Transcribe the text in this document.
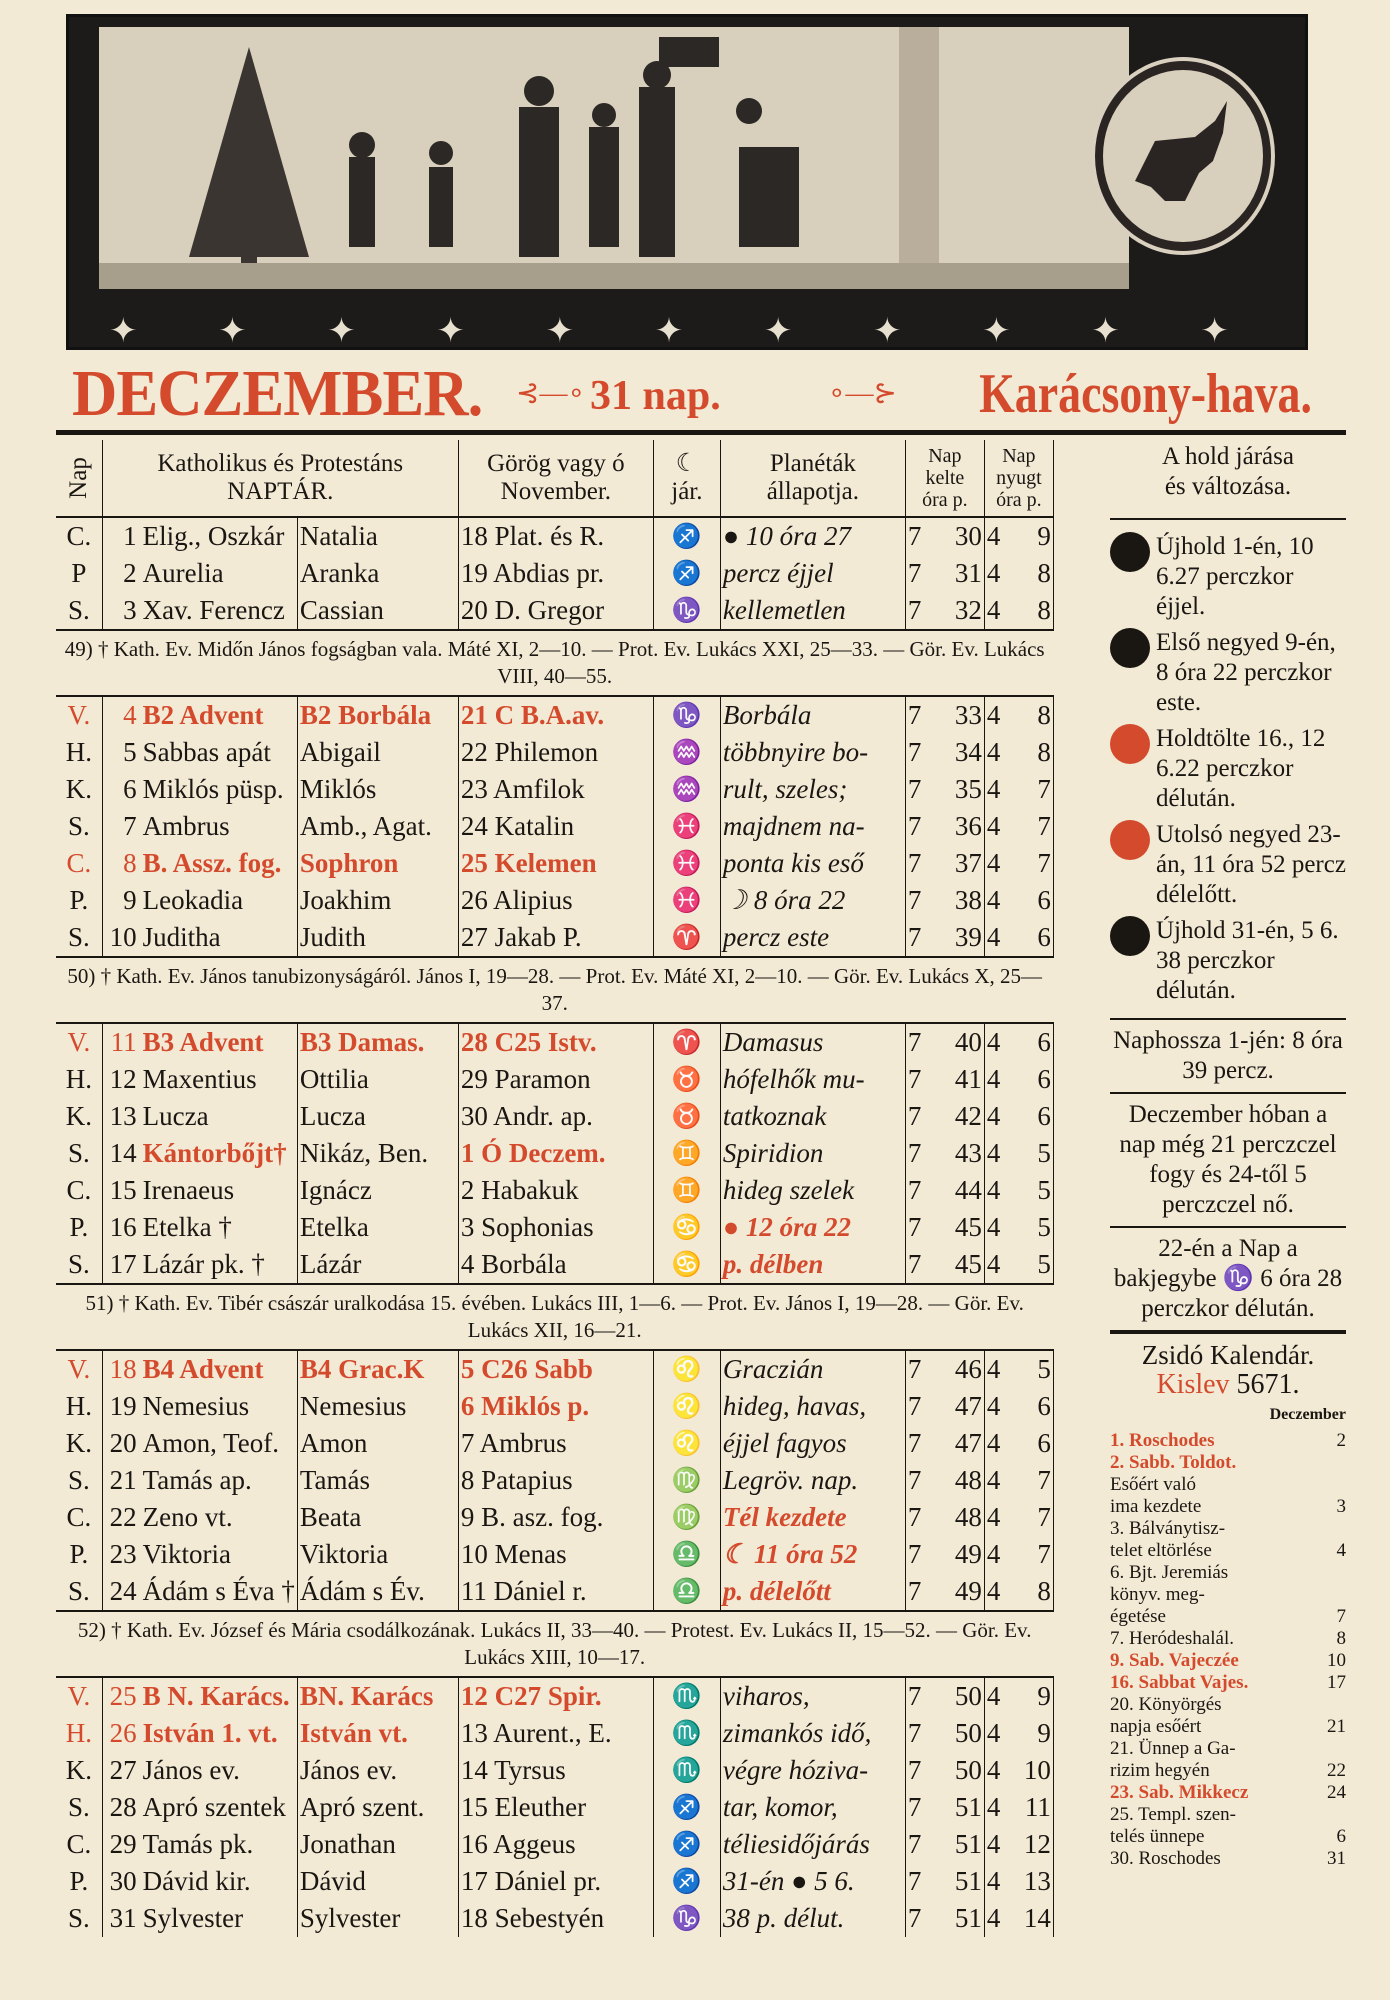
✦ ✦ ✦ ✦ ✦ ✦ ✦ ✦ ✦ ✦ ✦
DECZEMBER. ⊰—∘ 31 nap.	∘—⊱ Karácsony-hava.
Nap	Katholikus és Protestáns
NAPTÁR.		Görög vagy ó
November.	☾
jár.	Planéták
állapotja.	Nap
kelte
óra p.		Nap
nyugt
óra p.	
C.	1 Elig., Oszkár	Natalia	18 Plat. és R.	♐	● 10 óra 27	7	30	4	9
P	2 Aurelia	Aranka	19 Abdias pr.	♐	percz éjjel	7	31	4	8
S.	3 Xav. Ferencz	Cassian	20 D. Gregor	♑	kellemetlen	7	32	4	8
49) † Kath. Ev. Midőn János fogságban vala. Máté XI, 2—10. — Prot. Ev. Lukács XXI, 25—33. — Gör. Ev. Lukács VIII, 40—55.									
V.	4 B2 Advent	B2 Borbála	21 C B.A.av.	♑	Borbála	7	33	4	8
H.	5 Sabbas apát	Abigail	22 Philemon	♒	többnyire bo-	7	34	4	8
K.	6 Miklós püsp.	Miklós	23 Amfilok	♒	rult, szeles;	7	35	4	7
S.	7 Ambrus	Amb., Agat.	24 Katalin	♓	majdnem na-	7	36	4	7
C.	8 B. Assz. fog.	Sophron	25 Kelemen	♓	ponta kis eső	7	37	4	7
P.	9 Leokadia	Joakhim	26 Alipius	♓	☽ 8 óra 22	7	38	4	6
S.	10 Juditha	Judith	27 Jakab P.	♈	percz este	7	39	4	6
50) † Kath. Ev. János tanubizonyságáról. János I, 19—28. — Prot. Ev. Máté XI, 2—10. — Gör. Ev. Lukács X, 25—37.									
V.	11 B3 Advent	B3 Damas.	28 C25 Istv.	♈	Damasus	7	40	4	6
H.	12 Maxentius	Ottilia	29 Paramon	♉	hófelhők mu-	7	41	4	6
K.	13 Lucza	Lucza	30 Andr. ap.	♉	tatkoznak	7	42	4	6
S.	14 Kántorbőjt†	Nikáz, Ben.	1 Ó Deczem.	♊	Spiridion	7	43	4	5
C.	15 Irenaeus	Ignácz	2 Habakuk	♊	hideg szelek	7	44	4	5
P.	16 Etelka †	Etelka	3 Sophonias	♋	● 12 óra 22	7	45	4	5
S.	17 Lázár pk. †	Lázár	4 Borbála	♋	p. délben	7	45	4	5
51) † Kath. Ev. Tibér császár uralkodása 15. évében. Lukács III, 1—6. — Prot. Ev. János I, 19—28. — Gör. Ev. Lukács XII, 16—21.									
V.	18 B4 Advent	B4 Grac.K	5 C26 Sabb	♌	Graczián	7	46	4	5
H.	19 Nemesius	Nemesius	6 Miklós p.	♌	hideg, havas,	7	47	4	6
K.	20 Amon, Teof.	Amon	7 Ambrus	♌	éjjel fagyos	7	47	4	6
S.	21 Tamás ap.	Tamás	8 Patapius	♍	Legröv. nap.	7	48	4	7
C.	22 Zeno vt.	Beata	9 B. asz. fog.	♍	Tél kezdete	7	48	4	7
P.	23 Viktoria	Viktoria	10 Menas	♎	☾ 11 óra 52	7	49	4	7
S.	24 Ádám s Éva †	Ádám s Év.	11 Dániel r.	♎	p. délelőtt	7	49	4	8
52) † Kath. Ev. József és Mária csodálkozának. Lukács II, 33—40. — Protest. Ev. Lukács II, 15—52. — Gör. Ev. Lukács XIII, 10—17.									
V.	25 B N. Karács.	BN. Karács	12 C27 Spir.	♏	viharos,	7	50	4	9
H.	26 István 1. vt.	István vt.	13 Aurent., E.	♏	zimankós idő,	7	50	4	9
K.	27 János ev.	János ev.	14 Tyrsus	♏	végre hóziva-	7	50	4	10
S.	28 Apró szentek	Apró szent.	15 Eleuther	♐	tar, komor,	7	51	4	11
C.	29 Tamás pk.	Jonathan	16 Aggeus	♐	téliesidőjárás	7	51	4	12
P.	30 Dávid kir.	Dávid	17 Dániel pr.	♐	31-én ● 5 6.	7	51	4	13
S.	31 Sylvester	Sylvester	18 Sebestyén	♑	38 p. délut.	7	51	4	14
A hold járása
és változása.
Újhold 1-én, 10 6.27 perczkor éjjel.
Első negyed 9-én, 8 óra 22 perczkor este.
Holdtölte 16., 12 6.22 perczkor délután.
Utolsó negyed 23-án, 11 óra 52 percz délelőtt.
Újhold 31-én, 5 6. 38 perczkor délután.
Naphossza 1-jén: 8 óra 39 percz.
Deczember hóban a nap még 21 perczczel fogy és 24-től 5 perczczel nő.
22-én a Nap a bakjegybe ♑ 6 óra 28 perczkor délután.
Zsidó Kalendár.
Kislev 5671.
Deczember
1. Roschodes	2
2. Sabb. Toldot.
Esőért való
ima kezdete	3
3. Bálványtisz-
telet eltörlése	4
6. Bjt. Jeremiás
könyv. meg-
égetése	7
7. Heródeshalál.	8
9. Sab. Vajeczée	10
16. Sabbat Vajes.	17
20. Könyörgés
napja esőért	21
21. Ünnep a Ga-
rizim hegyén	22
23. Sab. Mikkecz	24
25. Templ. szen-
telés ünnepe	6
30. Roschodes	31
